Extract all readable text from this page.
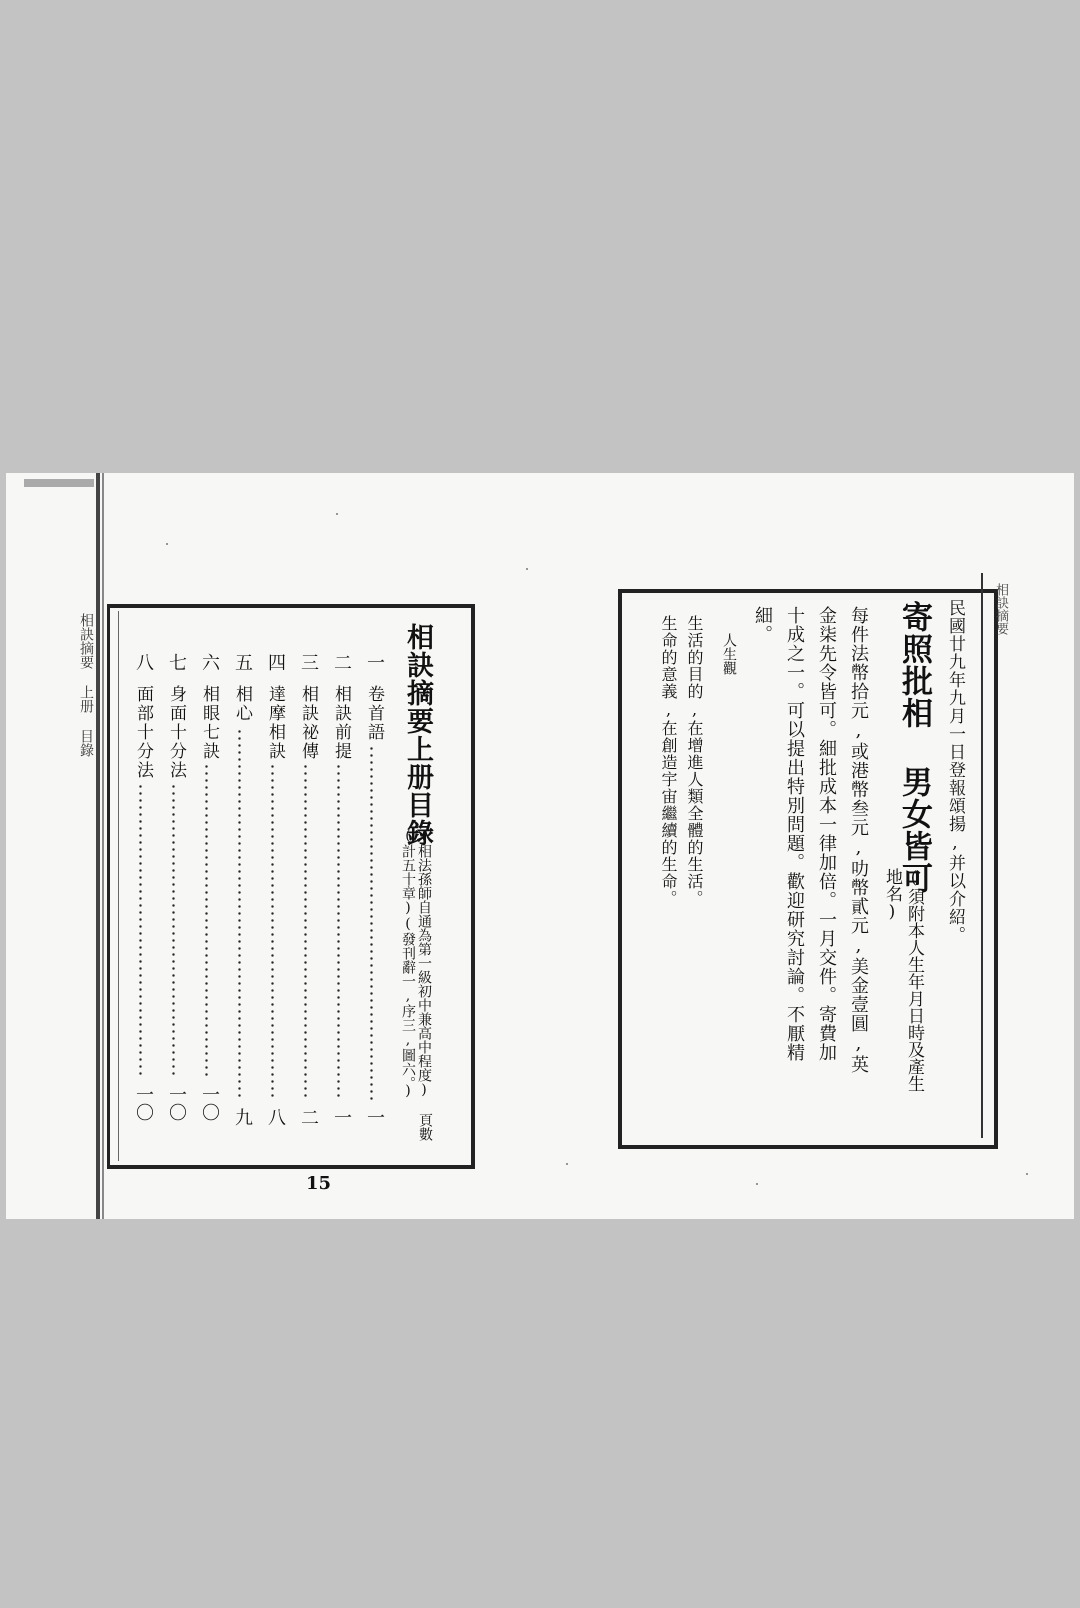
相訣摘要 上册 目錄	相訣摘要上册目錄
(相法孫師自通為第一級初中兼高中程度)
(計五十章)(發刊辭一,序三,圖六。)
頁數
一
卷首語
一
二
相訣前提
一
三
相訣祕傳
二
四
達摩相訣
八
五
相心
九
六
相眼七訣
一〇
七
身面十分法
一〇
八
面部十分法
一〇
15
相訣摘要
民國廿九年九月一日登報頌揚,并以介紹。
寄照批相 男女皆可
(須附本人生年月日時及產生
地名)
每件法幣拾元,或港幣叁元,叻幣貳元,美金壹圓,英
金柒先令皆可。細批成本一律加倍。一月交件。寄費加
十成之一。可以提出特別問題。歡迎研究討論。不厭精
細。
人生觀
生活的目的,在增進人類全體的生活。
生命的意義,在創造宇宙繼續的生命。
